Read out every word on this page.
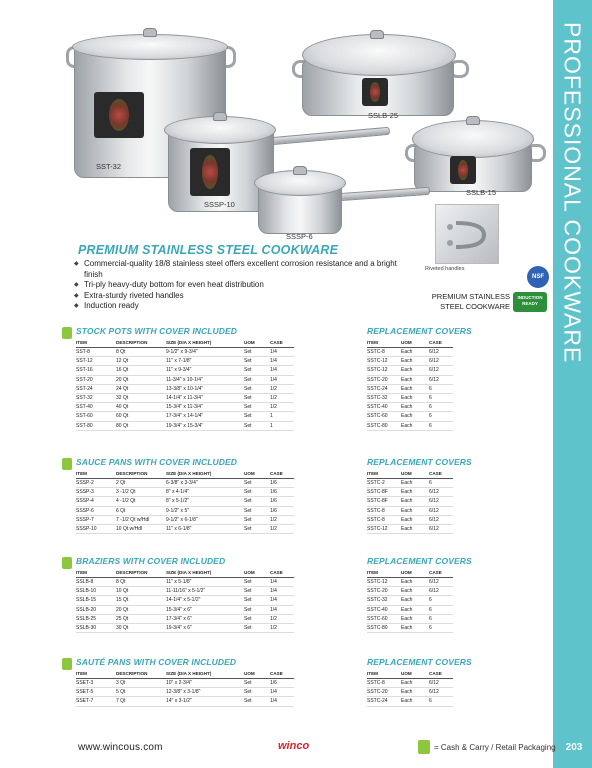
PROFESSIONAL COOKWARE
203
SST-32
SSLB-25
SSSP-10
SSLB-15
SSSP-6
Riveted handles
NSF
INDUCTION READY
PREMIUM STAINLESS
STEEL COOKWARE
PREMIUM STAINLESS STEEL COOKWARE
◆ Commercial-quality 18/8 stainless steel offers excellent corrosion resistance and a bright finish
◆ Tri-ply heavy-duty bottom for even heat distribution
◆ Extra-sturdy riveted handles
◆ Induction ready
STOCK POTS WITH COVER INCLUDED	REPLACEMENT COVERS
ITEM	DESCRIPTION	SIZE (DIA X HEIGHT)	UOM	CASE
SST-8	8 Qt	9-1/2" x 9-3/4"	Set	1/4
SST-12	12 Qt	11" x 7-1/8"	Set	1/4
SST-16	16 Qt	11" x 9-3/4"	Set	1/4
SST-20	20 Qt	11-3/4" x 10-1/4"	Set	1/4
SST-24	24 Qt	13-3/8" x 10-1/4"	Set	1/2
SST-32	32 Qt	14-1/4" x 11-3/4"	Set	1/2
SST-40	40 Qt	15-3/4" x 11-3/4"	Set	1/2
SST-60	60 Qt	17-3/4" x 14-1/4"	Set	1
SST-80	80 Qt	19-3/4" x 15-3/4"	Set	1
ITEM	UOM	CASE
SSTC-8	Each	6/12
SSTC-12	Each	6/12
SSTC-12	Each	6/12
SSTC-20	Each	6/12
SSTC-24	Each	6
SSTC-32	Each	6
SSTC-40	Each	6
SSTC-60	Each	6
SSTC-80	Each	6
SAUCE PANS WITH COVER INCLUDED	REPLACEMENT COVERS
ITEM	DESCRIPTION	SIZE (DIA X HEIGHT)	UOM	CASE
SSSP-2	2 Qt	6-3/8" x 3-3/4"	Set	1/6
SSSP-3	3 -1/2 Qt	8" x 4-1/4"	Set	1/6
SSSP-4	4 -1/2 Qt	8" x 5-1/2"	Set	1/6
SSSP-6	6 Qt	9-1/2" x 5"	Set	1/6
SSSP-7	7 -1/2 Qt w/Hdl	9-1/2" x 6-1/8"	Set	1/2
SSSP-10	10 Qt w/Hdl	11" x 6-1/8"	Set	1/2
ITEM	UOM	CASE
SSTC-2	Each	6
SSTC-8F	Each	6/12
SSTC-8F	Each	6/12
SSTC-8	Each	6/12
SSTC-8	Each	6/12
SSTC-12	Each	6/12
BRAZIERS WITH COVER INCLUDED	REPLACEMENT COVERS
ITEM	DESCRIPTION	SIZE (DIA X HEIGHT)	UOM	CASE
SSLB-8	8 Qt	11" x 5-1/8"	Set	1/4
SSLB-10	10 Qt	11-11/16" x 5-1/2"	Set	1/4
SSLB-15	15 Qt	14-1/4" x 5-1/2"	Set	1/4
SSLB-20	20 Qt	15-3/4" x 6"	Set	1/4
SSLB-25	25 Qt	17-3/4" x 6"	Set	1/2
SSLB-30	30 Qt	19-3/4" x 6"	Set	1/2
ITEM	UOM	CASE
SSTC-12	Each	6/12
SSTC-20	Each	6/12
SSTC-32	Each	6
SSTC-40	Each	6
SSTC-60	Each	6
SSTC-80	Each	6
SAUTÉ PANS WITH COVER INCLUDED	REPLACEMENT COVERS
ITEM	DESCRIPTION	SIZE (DIA X HEIGHT)	UOM	CASE
SSET-3	3 Qt	10" x 2-3/4"	Set	1/6
SSET-5	5 Qt	12-3/8" x 3-1/8"	Set	1/4
SSET-7	7 Qt	14" x 3-1/2"	Set	1/4
ITEM	UOM	CASE
SSTC-8	Each	6/12
SSTC-20	Each	6/12
SSTC-24	Each	6
www.wincous.com	winco	= Cash & Carry / Retail Packaging
